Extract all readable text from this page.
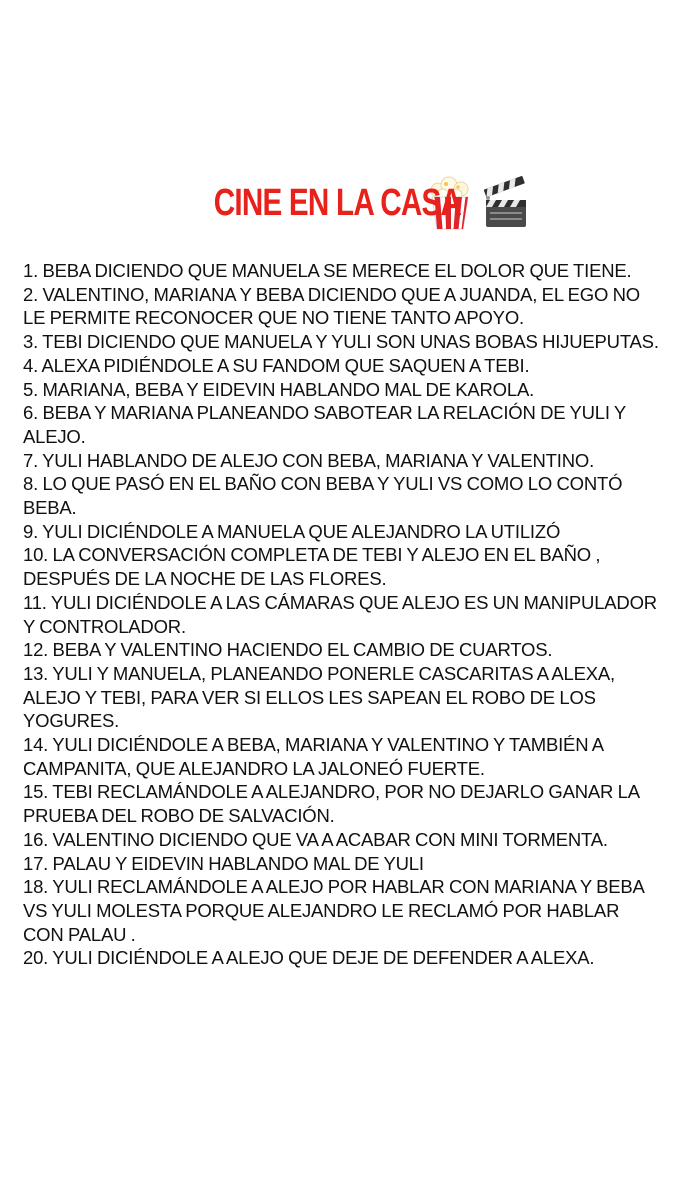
CINE EN LA CASA
1. BEBA DICIENDO QUE MANUELA SE MERECE EL DOLOR QUE TIENE.
2. VALENTINO, MARIANA Y BEBA DICIENDO QUE A JUANDA, EL EGO NO LE PERMITE RECONOCER QUE NO TIENE TANTO APOYO.
3. TEBI DICIENDO QUE MANUELA Y YULI SON UNAS BOBAS HIJUEPUTAS.
4. ALEXA PIDIÉNDOLE A SU FANDOM QUE SAQUEN A TEBI.
5. MARIANA, BEBA Y EIDEVIN HABLANDO MAL DE KAROLA.
6. BEBA Y MARIANA PLANEANDO SABOTEAR LA RELACIÓN DE YULI Y ALEJO.
7. YULI HABLANDO DE ALEJO CON BEBA, MARIANA Y VALENTINO.
8. LO QUE PASÓ EN EL BAÑO CON BEBA Y YULI VS COMO LO CONTÓ BEBA.
9. YULI DICIÉNDOLE A MANUELA QUE ALEJANDRO LA UTILIZÓ
10. LA CONVERSACIÓN COMPLETA DE TEBI Y ALEJO EN EL BAÑO , DESPUÉS DE LA NOCHE DE LAS FLORES.
11. YULI DICIÉNDOLE A LAS CÁMARAS QUE ALEJO ES UN MANIPULADOR Y CONTROLADOR.
12. BEBA Y VALENTINO HACIENDO EL CAMBIO DE CUARTOS.
13. YULI Y MANUELA, PLANEANDO PONERLE CASCARITAS A ALEXA, ALEJO Y TEBI, PARA VER SI ELLOS LES SAPEAN EL ROBO DE LOS YOGURES.
14. YULI DICIÉNDOLE A BEBA, MARIANA Y VALENTINO Y TAMBIÉN A CAMPANITA, QUE ALEJANDRO LA JALONEÓ FUERTE.
15. TEBI RECLAMÁNDOLE A ALEJANDRO, POR NO DEJARLO GANAR LA PRUEBA DEL ROBO DE SALVACIÓN.
16. VALENTINO DICIENDO QUE VA A ACABAR CON MINI TORMENTA.
17. PALAU Y EIDEVIN HABLANDO MAL DE YULI
18. YULI RECLAMÁNDOLE A ALEJO POR HABLAR CON MARIANA Y BEBA VS YULI MOLESTA PORQUE ALEJANDRO LE RECLAMÓ POR HABLAR CON PALAU .
20. YULI DICIÉNDOLE A ALEJO QUE DEJE DE DEFENDER A ALEXA.
